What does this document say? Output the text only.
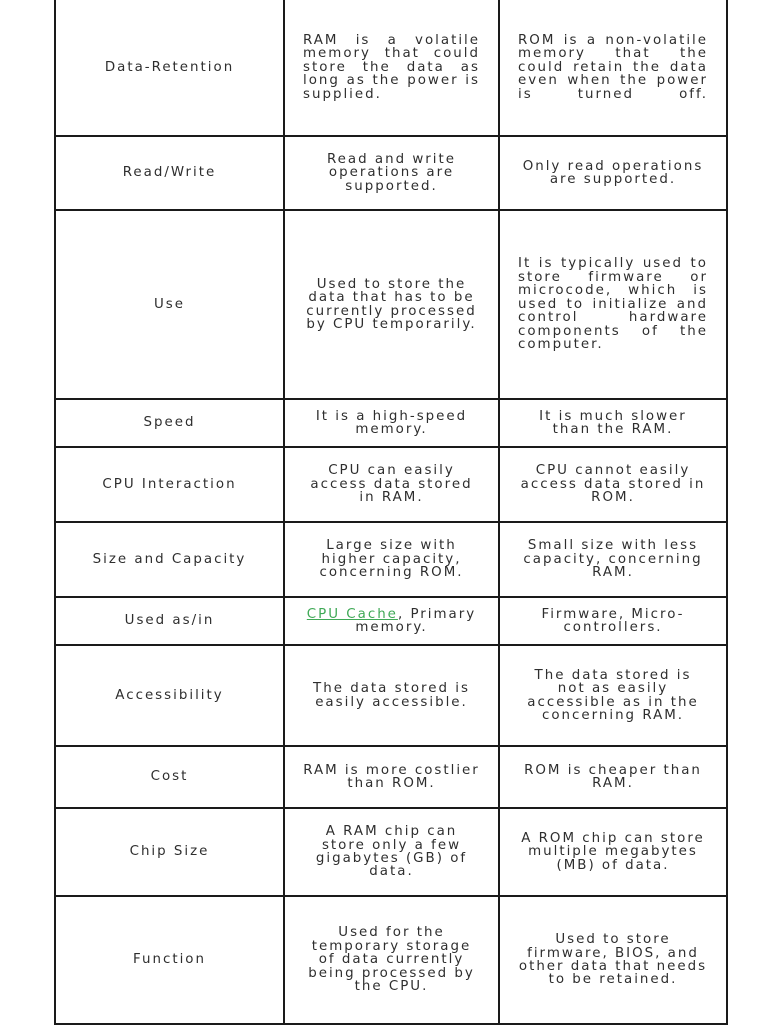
Data-Retention	RAM is a volatile memory that could store the data as long as the power is supplied.	ROM is a non-volatile memory that the could retain the data even when the power is turned off.
Read/Write	Read and write operations are supported.	Only read operations are supported.
Use	Used to store the data that has to be currently processed by CPU temporarily.	It is typically used to store firmware or microcode, which is used to initialize and control hardware components of the computer.
Speed	It is a high-speed memory.	It is much slower than the RAM.
CPU Interaction	CPU can easily access data stored in RAM.	CPU cannot easily access data stored in ROM.
Size and Capacity	Large size with higher capacity, concerning ROM.	Small size with less capacity, concerning RAM.
Used as/in	CPU Cache, Primary memory.	Firmware, Micro-controllers.
Accessibility	The data stored is easily accessible.	The data stored is not as easily accessible as in the concerning RAM.
Cost	RAM is more costlier than ROM.	ROM is cheaper than RAM.
Chip Size	A RAM chip can store only a few gigabytes (GB) of data.	A ROM chip can store multiple megabytes (MB) of data.
Function	Used for the temporary storage of data currently being processed by the CPU.	Used to store firmware, BIOS, and other data that needs to be retained.
